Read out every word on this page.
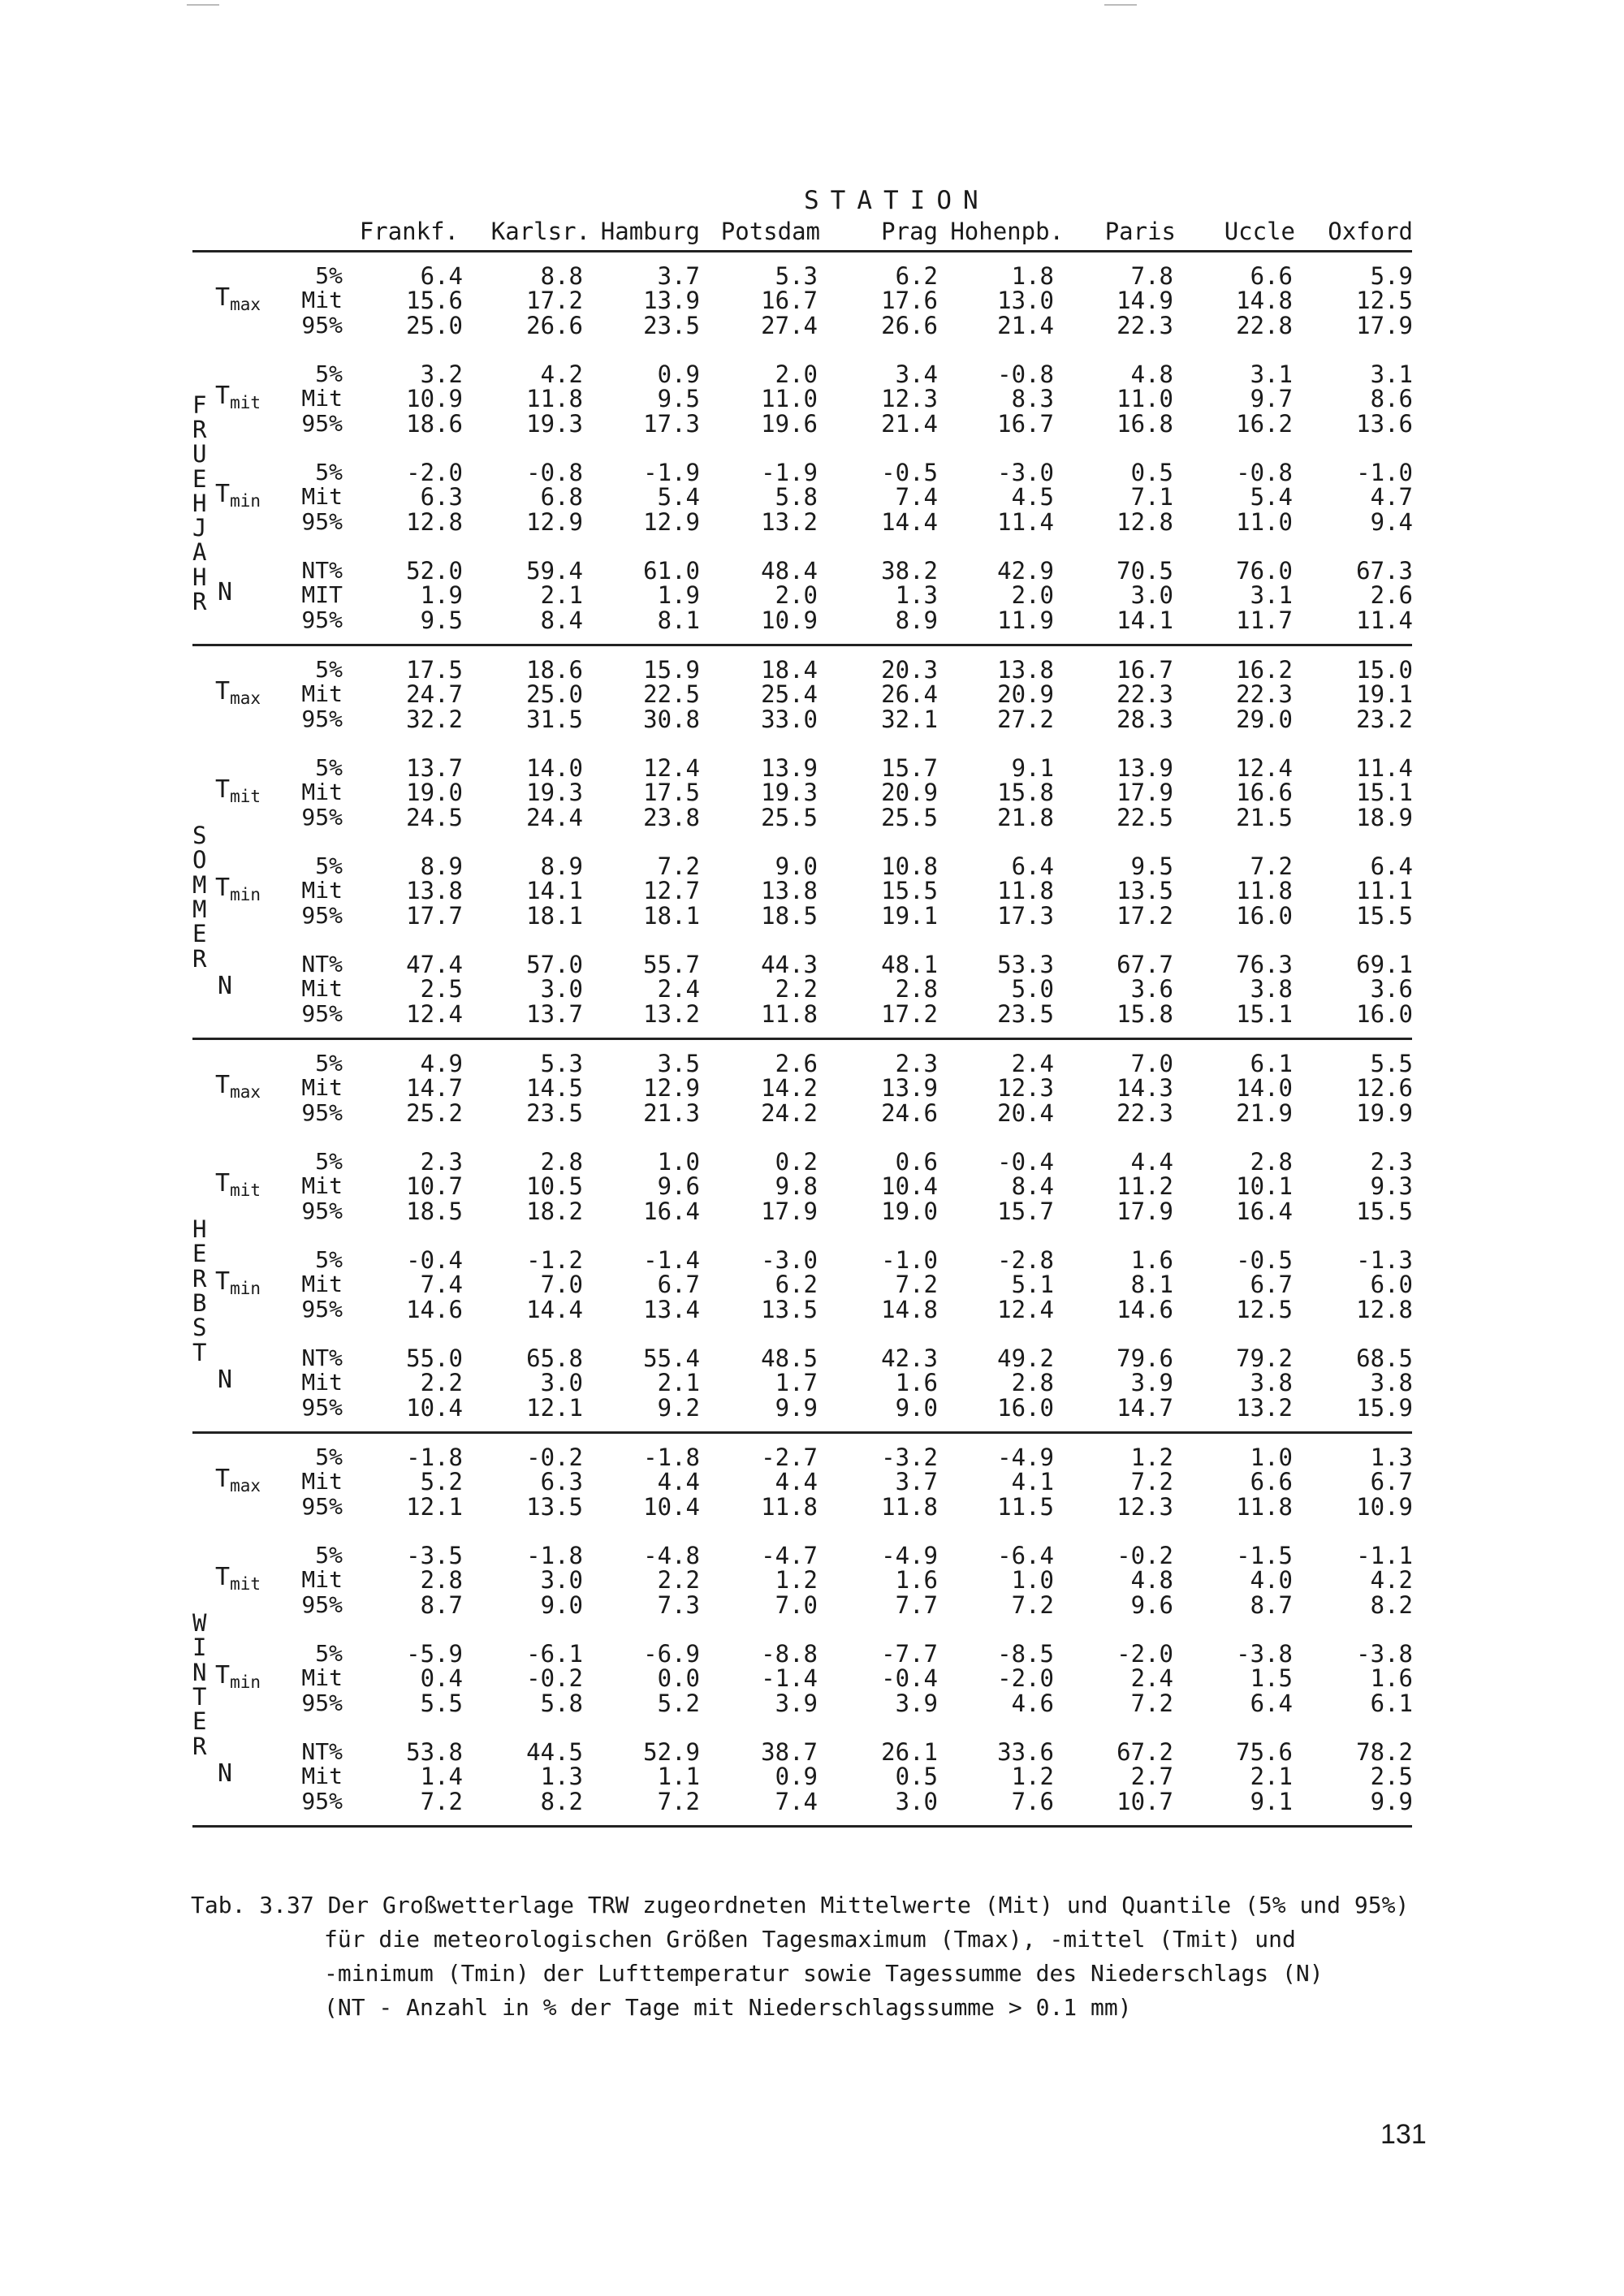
STATION
Frankf. Karlsr. Hamburg Potsdam	Prag Hohenpb. Paris Uccle Oxford
F
R
U
E
H
J
A
H
R
$T_{max}$
5%	6.4	8.8	3.7	5.3	6.2	1.8	7.8	6.6	5.9
Mit	15.6	17.2	13.9	16.7	17.6	13.0	14.9	14.8	12.5
95%	25.0	26.6	23.5	27.4	26.6	21.4	22.3	22.8	17.9
$T_{mit}$
5%	3.2	4.2	0.9	2.0	3.4	-0.8	4.8	3.1	3.1
Mit	10.9	11.8	9.5	11.0	12.3	8.3	11.0	9.7	8.6
95%	18.6	19.3	17.3	19.6	21.4	16.7	16.8	16.2	13.6
$T_{min}$
5%	-2.0	-0.8	-1.9	-1.9	-0.5	-3.0	0.5	-0.8	-1.0
Mit	6.3	6.8	5.4	5.8	7.4	4.5	7.1	5.4	4.7
95%	12.8	12.9	12.9	13.2	14.4	11.4	12.8	11.0	9.4
N
NT%	52.0	59.4	61.0	48.4	38.2	42.9	70.5	76.0	67.3
MIT	1.9	2.1	1.9	2.0	1.3	2.0	3.0	3.1	2.6
95%	9.5	8.4	8.1	10.9	8.9	11.9	14.1	11.7	11.4
S
O
M
M
E
R
$T_{max}$
5%	17.5	18.6	15.9	18.4	20.3	13.8	16.7	16.2	15.0
Mit	24.7	25.0	22.5	25.4	26.4	20.9	22.3	22.3	19.1
95%	32.2	31.5	30.8	33.0	32.1	27.2	28.3	29.0	23.2
$T_{mit}$
5%	13.7	14.0	12.4	13.9	15.7	9.1	13.9	12.4	11.4
Mit	19.0	19.3	17.5	19.3	20.9	15.8	17.9	16.6	15.1
95%	24.5	24.4	23.8	25.5	25.5	21.8	22.5	21.5	18.9
$T_{min}$
5%	8.9	8.9	7.2	9.0	10.8	6.4	9.5	7.2	6.4
Mit	13.8	14.1	12.7	13.8	15.5	11.8	13.5	11.8	11.1
95%	17.7	18.1	18.1	18.5	19.1	17.3	17.2	16.0	15.5
N
NT%	47.4	57.0	55.7	44.3	48.1	53.3	67.7	76.3	69.1
Mit	2.5	3.0	2.4	2.2	2.8	5.0	3.6	3.8	3.6
95%	12.4	13.7	13.2	11.8	17.2	23.5	15.8	15.1	16.0
H
E
R
B
S
T
$T_{max}$
5%	4.9	5.3	3.5	2.6	2.3	2.4	7.0	6.1	5.5
Mit	14.7	14.5	12.9	14.2	13.9	12.3	14.3	14.0	12.6
95%	25.2	23.5	21.3	24.2	24.6	20.4	22.3	21.9	19.9
$T_{mit}$
5%	2.3	2.8	1.0	0.2	0.6	-0.4	4.4	2.8	2.3
Mit	10.7	10.5	9.6	9.8	10.4	8.4	11.2	10.1	9.3
95%	18.5	18.2	16.4	17.9	19.0	15.7	17.9	16.4	15.5
$T_{min}$
5%	-0.4	-1.2	-1.4	-3.0	-1.0	-2.8	1.6	-0.5	-1.3
Mit	7.4	7.0	6.7	6.2	7.2	5.1	8.1	6.7	6.0
95%	14.6	14.4	13.4	13.5	14.8	12.4	14.6	12.5	12.8
N
NT%	55.0	65.8	55.4	48.5	42.3	49.2	79.6	79.2	68.5
Mit	2.2	3.0	2.1	1.7	1.6	2.8	3.9	3.8	3.8
95%	10.4	12.1	9.2	9.9	9.0	16.0	14.7	13.2	15.9
W
I
N
T
E
R
$T_{max}$
5%	-1.8	-0.2	-1.8	-2.7	-3.2	-4.9	1.2	1.0	1.3
Mit	5.2	6.3	4.4	4.4	3.7	4.1	7.2	6.6	6.7
95%	12.1	13.5	10.4	11.8	11.8	11.5	12.3	11.8	10.9
$T_{mit}$
5%	-3.5	-1.8	-4.8	-4.7	-4.9	-6.4	-0.2	-1.5	-1.1
Mit	2.8	3.0	2.2	1.2	1.6	1.0	4.8	4.0	4.2
95%	8.7	9.0	7.3	7.0	7.7	7.2	9.6	8.7	8.2
$T_{min}$
5%	-5.9	-6.1	-6.9	-8.8	-7.7	-8.5	-2.0	-3.8	-3.8
Mit	0.4	-0.2	0.0	-1.4	-0.4	-2.0	2.4	1.5	1.6
95%	5.5	5.8	5.2	3.9	3.9	4.6	7.2	6.4	6.1
N
NT%	53.8	44.5	52.9	38.7	26.1	33.6	67.2	75.6	78.2
Mit	1.4	1.3	1.1	0.9	0.5	1.2	2.7	2.1	2.5
95%	7.2	8.2	7.2	7.4	3.0	7.6	10.7	9.1	9.9
Tab. 3.37 Der Großwetterlage TRW zugeordneten Mittelwerte (Mit) und Quantile (5% und 95%)
für die meteorologischen Größen Tagesmaximum (Tmax), -mittel (Tmit) und
-minimum (Tmin) der Lufttemperatur sowie Tagessumme des Niederschlags (N)
(NT - Anzahl in % der Tage mit Niederschlagssumme > 0.1 mm)
131
